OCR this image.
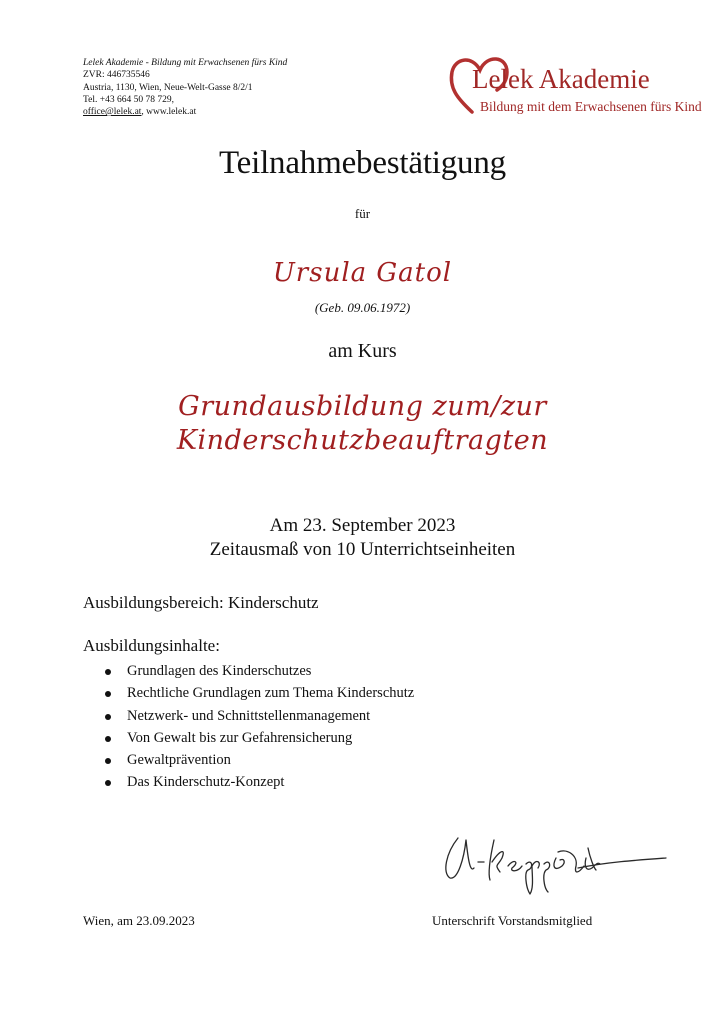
Lelek Akademie - Bildung mit Erwachsenen fürs Kind
ZVR: 446735546
Austria, 1130, Wien, Neue-Welt-Gasse 8/2/1
Tel. +43 664 50 78 729,
office@lelek.at, www.lelek.at
Lelek Akademie
Bildung mit dem Erwachsenen fürs Kind
Teilnahmebestätigung
für
Ursula Gatol
(Geb. 09.06.1972)
am Kurs
Grundausbildung zum/zur
Kinderschutzbeauftragten
Am 23. September 2023
Zeitausmaß von 10 Unterrichtseinheiten
Ausbildungsbereich: Kinderschutz
Ausbildungsinhalte:
Grundlagen des Kinderschutzes
Rechtliche Grundlagen zum Thema Kinderschutz
Netzwerk- und Schnittstellenmanagement
Von Gewalt bis zur Gefahrensicherung
Gewaltprävention
Das Kinderschutz-Konzept
Wien, am 23.09.2023	Unterschrift Vorstandsmitglied
